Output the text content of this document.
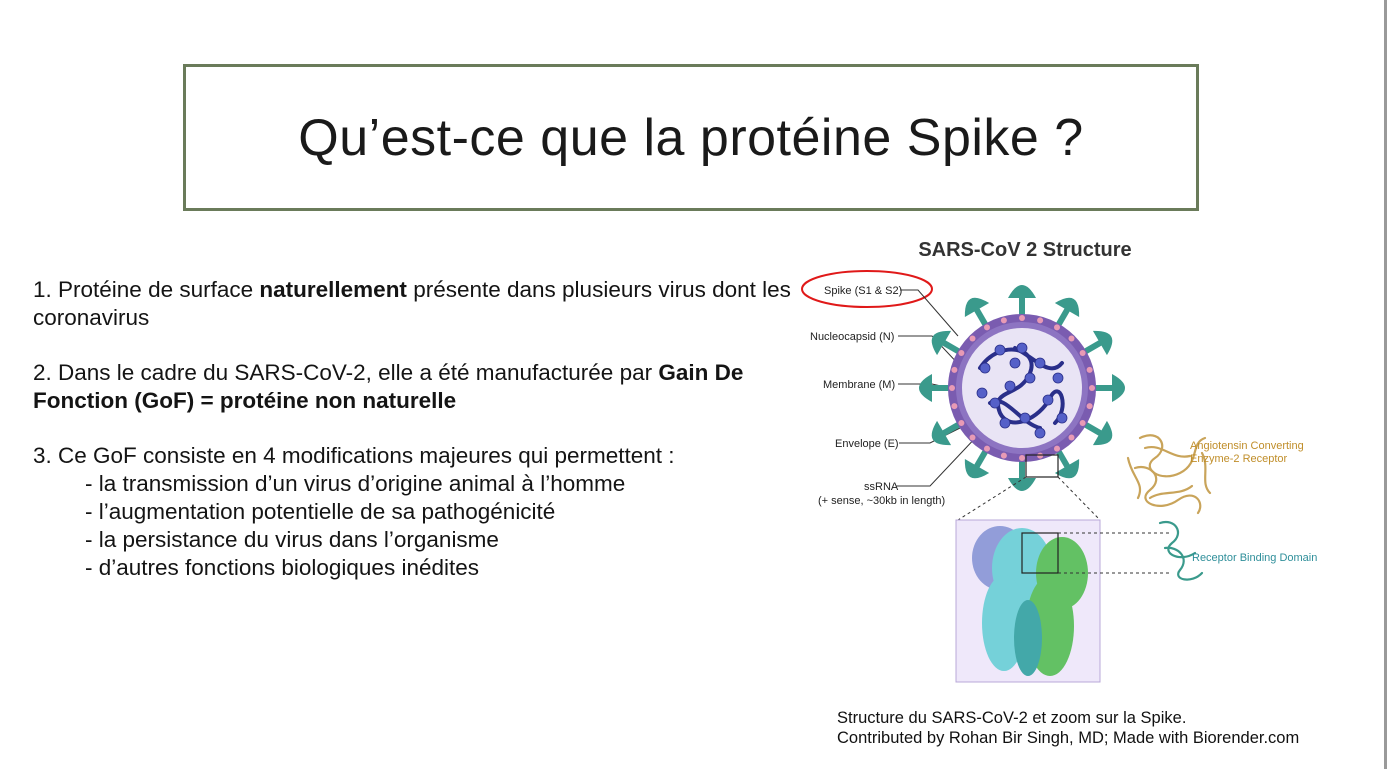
Qu’est-ce que la protéine Spike ?

1. Protéine de surface naturellement présente dans plusieurs virus dont les coronavirus

2. Dans le cadre du SARS-CoV-2, elle a été manufacturée par Gain De Fonction (GoF) = protéine non naturelle

3. Ce GoF consiste en 4 modifications majeures qui permettent :

- la transmission d’un virus d’origine animal à l’homme

- l’augmentation potentielle de sa pathogénicité

- la persistance du virus dans l’organisme

- d’autres fonctions biologiques inédites

SARS-CoV 2 Structure
Spike (S1 & S2)
Nucleocapsid (N)
Membrane (M)
Envelope (E)
ssRNA
(+ sense, ~30kb in length)
Angiotensin Converting
Enzyme-2 Receptor
Receptor Binding Domain
Structure du SARS-CoV-2 et zoom sur la Spike.
Contributed by Rohan Bir Singh, MD; Made with Biorender.com
